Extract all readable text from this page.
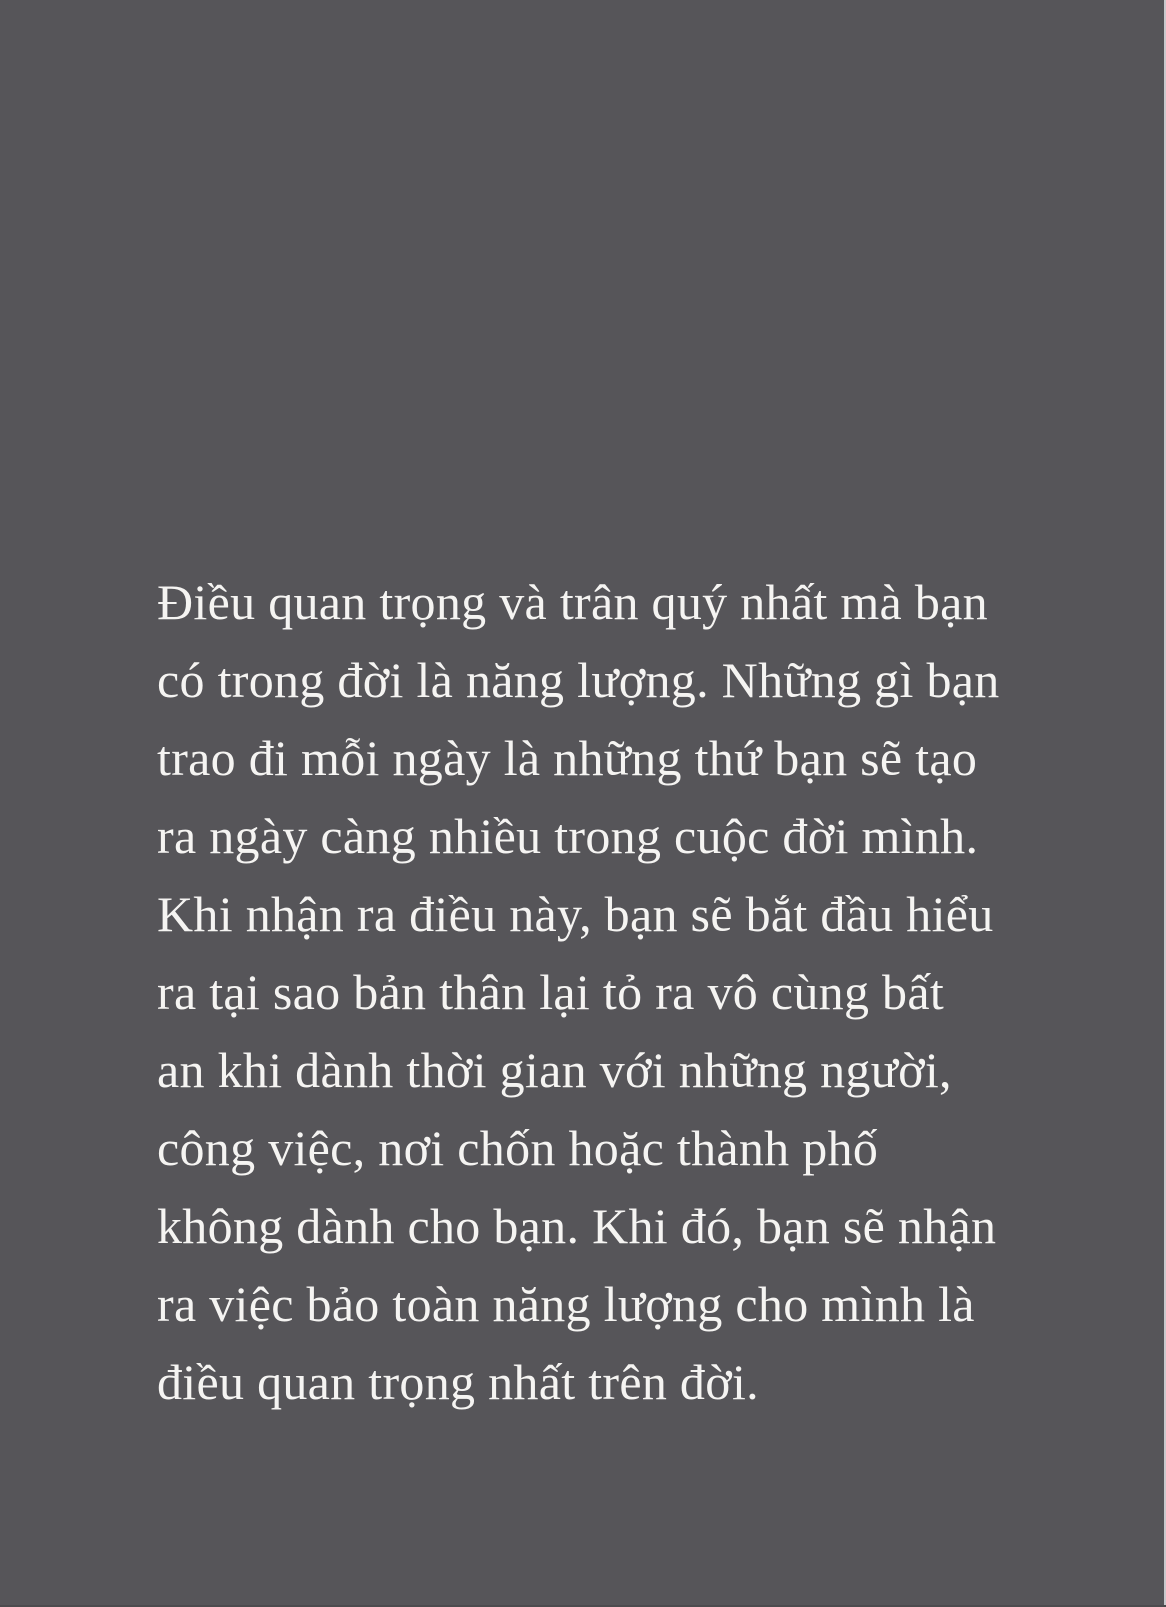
Điều quan trọng và trân quý nhất mà bạn
có trong đời là năng lượng. Những gì bạn
trao đi mỗi ngày là những thứ bạn sẽ tạo
ra ngày càng nhiều trong cuộc đời mình.
Khi nhận ra điều này, bạn sẽ bắt đầu hiểu
ra tại sao bản thân lại tỏ ra vô cùng bất
an khi dành thời gian với những người,
công việc, nơi chốn hoặc thành phố
không dành cho bạn. Khi đó, bạn sẽ nhận
ra việc bảo toàn năng lượng cho mình là
điều quan trọng nhất trên đời.
